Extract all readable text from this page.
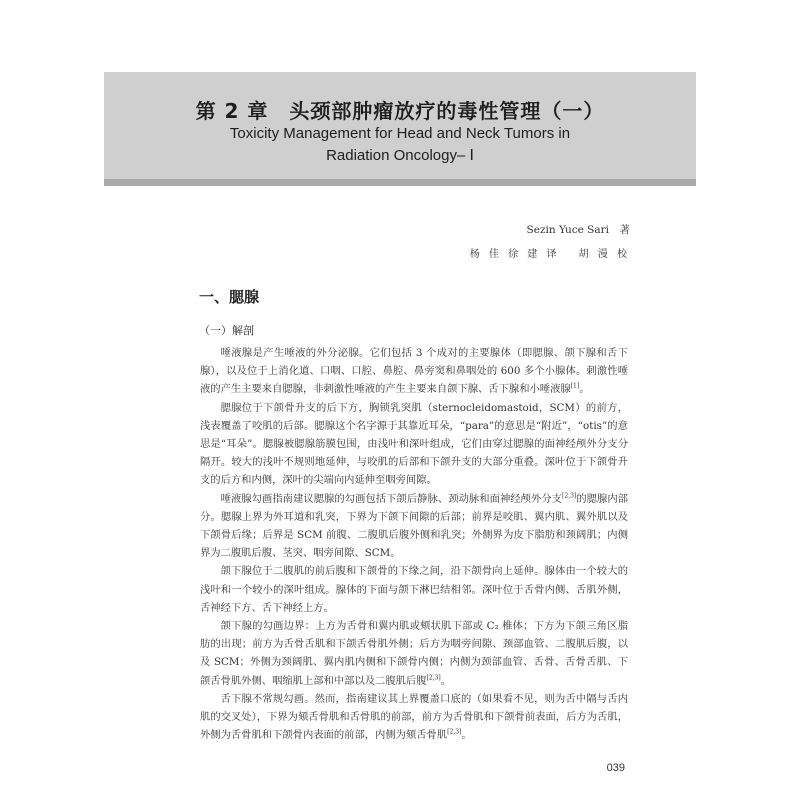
第 2 章　头颈部肿瘤放疗的毒性管理（一）
Toxicity Management for Head and Neck Tumors in
Radiation Oncology– Ⅰ
Sezin Yuce Sari　著
杨 佳 徐 建 译　 胡 漫 校
一、腮腺
（一）解剖

唾液腺是产生唾液的外分泌腺。它们包括 3 个成对的主要腺体（即腮腺、颌下腺和舌下腺），以及位于上消化道、口咽、口腔、鼻腔、鼻旁窦和鼻咽处的 600 多个小腺体。刺激性唾液的产生主要来自腮腺，非刺激性唾液的产生主要来自颌下腺、舌下腺和小唾液腺[1]。

腮腺位于下颌骨升支的后下方，胸锁乳突肌（sternocleidomastoid，SCM）的前方，浅表覆盖了咬肌的后部。腮腺这个名字源于其靠近耳朵，“para”的意思是“附近”，“otis”的意思是“耳朵”。腮腺被腮腺筋膜包围，由浅叶和深叶组成，它们由穿过腮腺的面神经颅外分支分隔开。较大的浅叶不规则地延伸，与咬肌的后部和下颌升支的大部分重叠。深叶位于下颌骨升支的后方和内侧，深叶的尖端向内延伸至咽旁间隙。

唾液腺勾画指南建议腮腺的勾画包括下颌后静脉、颈动脉和面神经颅外分支[2,3]的腮腺内部分。腮腺上界为外耳道和乳突，下界为下颌下间隙的后部；前界是咬肌、翼内肌、翼外肌以及下颌骨后缘；后界是 SCM 前腹、二腹肌后腹外侧和乳突；外侧界为皮下脂肪和颈阔肌；内侧界为二腹肌后腹、茎突、咽旁间隙、SCM。

颌下腺位于二腹肌的前后腹和下颌骨的下缘之间，沿下颌骨向上延伸。腺体由一个较大的浅叶和一个较小的深叶组成。腺体的下面与颌下淋巴结相邻。深叶位于舌骨内侧、舌肌外侧，舌神经下方、舌下神经上方。

颌下腺的勾画边界：上方为舌骨和翼内肌或颊状肌下部或 C₂ 椎体；下方为下颌三角区脂肪的出现；前方为舌骨舌肌和下颌舌骨肌外侧；后方为咽旁间隙、颈部血管、二腹肌后腹，以及 SCM；外侧为颈阔肌、翼内肌内侧和下颌骨内侧；内侧为颈部血管、舌骨、舌骨舌肌、下颌舌骨肌外侧、咽缩肌上部和中部以及二腹肌后腹[2,3]。

舌下腺不常规勾画。然而，指南建议其上界覆盖口底的（如果看不见，则为舌中隔与舌内肌的交叉处），下界为颏舌骨肌和舌骨肌的前部，前方为舌骨肌和下颌骨前表面，后方为舌肌，外侧为舌骨肌和下颌骨内表面的前部，内侧为颏舌骨肌[2,3]。

039
